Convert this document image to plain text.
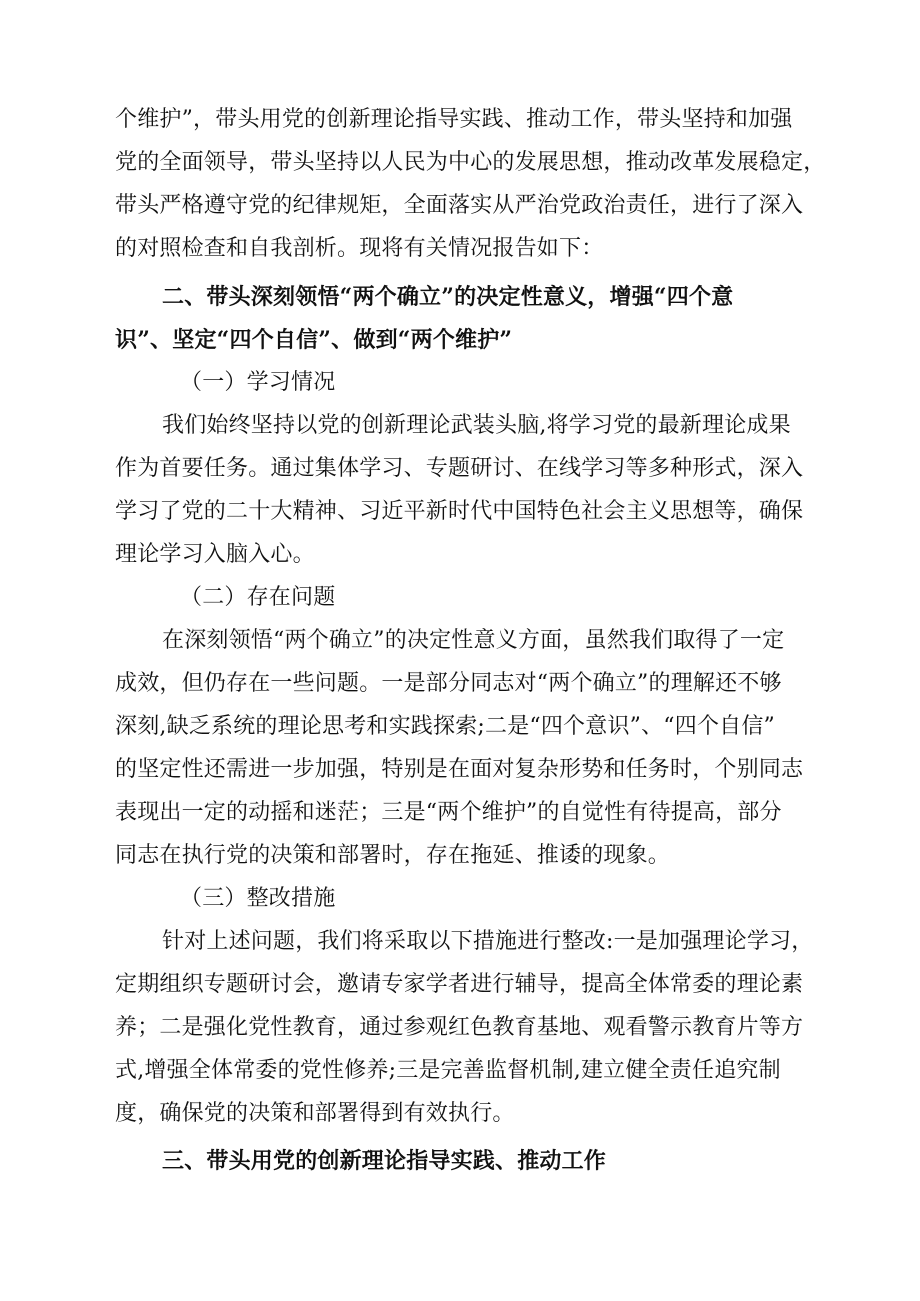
个维护”，带头用党的创新理论指导实践、推动工作，带头坚持和加强
党的全面领导，带头坚持以人民为中心的发展思想，推动改革发展稳定，
带头严格遵守党的纪律规矩，全面落实从严治党政治责任，进行了深入
的对照检查和自我剖析。现将有关情况报告如下：
二、带头深刻领悟“两个确立”的决定性意义，增强“四个意
识”、坚定“四个自信”、做到“两个维护”
（一）学习情况
我们始终坚持以党的创新理论武装头脑,将学习党的最新理论成果
作为首要任务。通过集体学习、专题研讨、在线学习等多种形式，深入
学习了党的二十大精神、习近平新时代中国特色社会主义思想等，确保
理论学习入脑入心。
（二）存在问题
在深刻领悟“两个确立”的决定性意义方面，虽然我们取得了一定
成效，但仍存在一些问题。一是部分同志对“两个确立”的理解还不够
深刻,缺乏系统的理论思考和实践探索;二是“四个意识”、“四个自信”
的坚定性还需进一步加强，特别是在面对复杂形势和任务时，个别同志
表现出一定的动摇和迷茫；三是“两个维护”的自觉性有待提高，部分
同志在执行党的决策和部署时，存在拖延、推诿的现象。
（三）整改措施
针对上述问题，我们将采取以下措施进行整改:一是加强理论学习，
定期组织专题研讨会，邀请专家学者进行辅导，提高全体常委的理论素
养；二是强化党性教育，通过参观红色教育基地、观看警示教育片等方
式,增强全体常委的党性修养;三是完善监督机制,建立健全责任追究制
度，确保党的决策和部署得到有效执行。
三、带头用党的创新理论指导实践、推动工作
